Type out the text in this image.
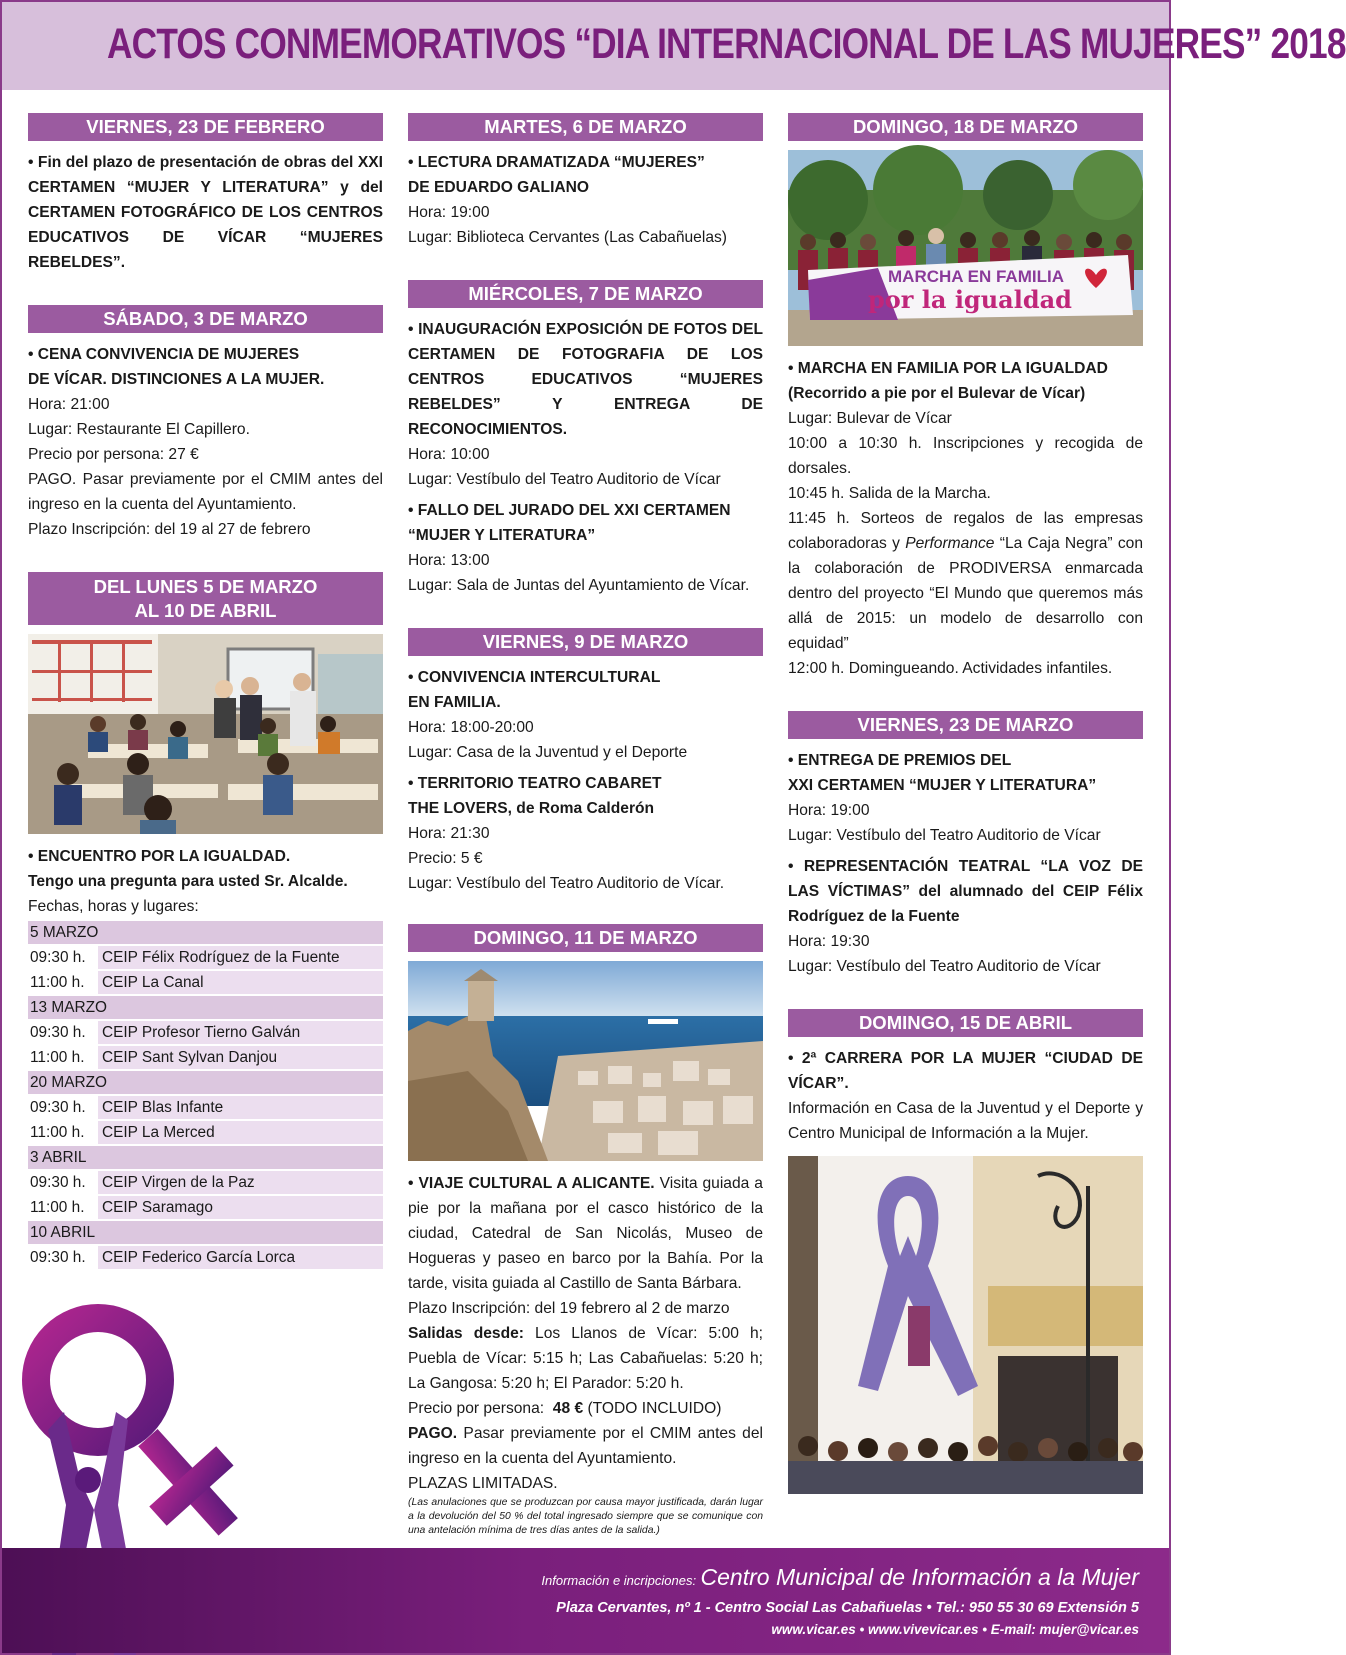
ACTOS CONMEMORATIVOS “DIA INTERNACIONAL DE LAS MUJERES” 2018
VIERNES, 23 DE FEBRERO
• Fin del plazo de presentación de obras del XXI CERTAMEN “MUJER Y LITERATURA” y del CERTAMEN FOTOGRÁFICO DE LOS CENTROS EDUCATIVOS DE VÍCAR “MUJERES REBELDES”.
SÁBADO, 3 DE MARZO
• CENA CONVIVENCIA DE MUJERES
DE VÍCAR. DISTINCIONES A LA MUJER.
Hora: 21:00
Lugar: Restaurante El Capillero.
Precio por persona: 27 €
PAGO. Pasar previamente por el CMIM antes del ingreso en la cuenta del Ayuntamiento.
Plazo Inscripción: del 19 al 27 de febrero
DEL LUNES 5 DE MARZO
AL 10 DE ABRIL
• ENCUENTRO POR LA IGUALDAD.
Tengo una pregunta para usted Sr. Alcalde.
Fechas, horas y lugares:
5 MARZO
09:30 h.	CEIP Félix Rodríguez de la Fuente
11:00 h.	CEIP La Canal
13 MARZO
09:30 h.	CEIP Profesor Tierno Galván
11:00 h.	CEIP Sant Sylvan Danjou
20 MARZO
09:30 h.	CEIP Blas Infante
11:00 h.	CEIP La Merced
3 ABRIL
09:30 h.	CEIP Virgen de la Paz
11:00 h.	CEIP Saramago
10 ABRIL
09:30 h.	CEIP Federico García Lorca
MARTES, 6 DE MARZO
• LECTURA DRAMATIZADA “MUJERES”
DE EDUARDO GALIANO
Hora: 19:00
Lugar: Biblioteca Cervantes (Las Cabañuelas)
MIÉRCOLES, 7 DE MARZO
• INAUGURACIÓN EXPOSICIÓN DE FOTOS DEL CERTAMEN DE FOTOGRAFIA DE LOS CENTROS EDUCATIVOS “MUJERES REBELDES” Y ENTREGA DE RECONOCIMIENTOS.
Hora: 10:00
Lugar: Vestíbulo del Teatro Auditorio de Vícar
• FALLO DEL JURADO DEL XXI CERTAMEN
“MUJER Y LITERATURA”
Hora: 13:00
Lugar: Sala de Juntas del Ayuntamiento de Vícar.
VIERNES, 9 DE MARZO
• CONVIVENCIA INTERCULTURAL
EN FAMILIA.
Hora: 18:00-20:00
Lugar: Casa de la Juventud y el Deporte
• TERRITORIO TEATRO CABARET
THE LOVERS, de Roma Calderón
Hora: 21:30
Precio: 5 €
Lugar: Vestíbulo del Teatro Auditorio de Vícar.
DOMINGO, 11 DE MARZO
• VIAJE CULTURAL A ALICANTE. Visita guiada a pie por la mañana por el casco histórico de la ciudad, Catedral de San Nicolás, Museo de Hogueras y paseo en barco por la Bahía. Por la tarde, visita guiada al Castillo de Santa Bárbara.
Plazo Inscripción: del 19 febrero al 2 de marzo
Salidas desde: Los Llanos de Vícar: 5:00 h; Puebla de Vícar: 5:15 h; Las Cabañuelas: 5:20 h; La Gangosa: 5:20 h; El Parador: 5:20 h.
Precio por persona:  48 € (TODO INCLUIDO)
PAGO. Pasar previamente por el CMIM antes del ingreso en la cuenta del Ayuntamiento.
PLAZAS LIMITADAS.
(Las anulaciones que se produzcan por causa mayor justificada, darán lugar a la devolución del 50 % del total ingresado siempre que se comunique con una antelación mínima de tres días antes de la salida.)
DOMINGO, 18 DE MARZO
MARCHA EN FAMILIA
por la igualdad
• MARCHA EN FAMILIA POR LA IGUALDAD
(Recorrido a pie por el Bulevar de Vícar)
Lugar: Bulevar de Vícar
10:00 a 10:30 h. Inscripciones y recogida de dorsales.
10:45 h. Salida de la Marcha.
11:45 h. Sorteos de regalos de las empresas colaboradoras y Performance “La Caja Negra” con la colaboración de PRODIVERSA enmarcada dentro del proyecto “El Mundo que queremos más allá de 2015: un modelo de desarrollo con equidad”
12:00 h. Domingueando. Actividades infantiles.
VIERNES, 23 DE MARZO
• ENTREGA DE PREMIOS DEL
XXI CERTAMEN “MUJER Y LITERATURA”
Hora: 19:00
Lugar: Vestíbulo del Teatro Auditorio de Vícar
• REPRESENTACIÓN TEATRAL “LA VOZ DE LAS VÍCTIMAS” del alumnado del CEIP Félix Rodríguez de la Fuente
Hora: 19:30
Lugar: Vestíbulo del Teatro Auditorio de Vícar
DOMINGO, 15 DE ABRIL
• 2ª CARRERA POR LA MUJER “CIUDAD DE VÍCAR”.
Información en Casa de la Juventud y el Deporte y Centro Municipal de Información a la Mujer.
Información e incripciones: Centro Municipal de Información a la Mujer
Plaza Cervantes, nº 1 - Centro Social Las Cabañuelas • Tel.: 950 55 30 69 Extensión 5
www.vicar.es • www.vivevicar.es • E-mail: mujer@vicar.es
